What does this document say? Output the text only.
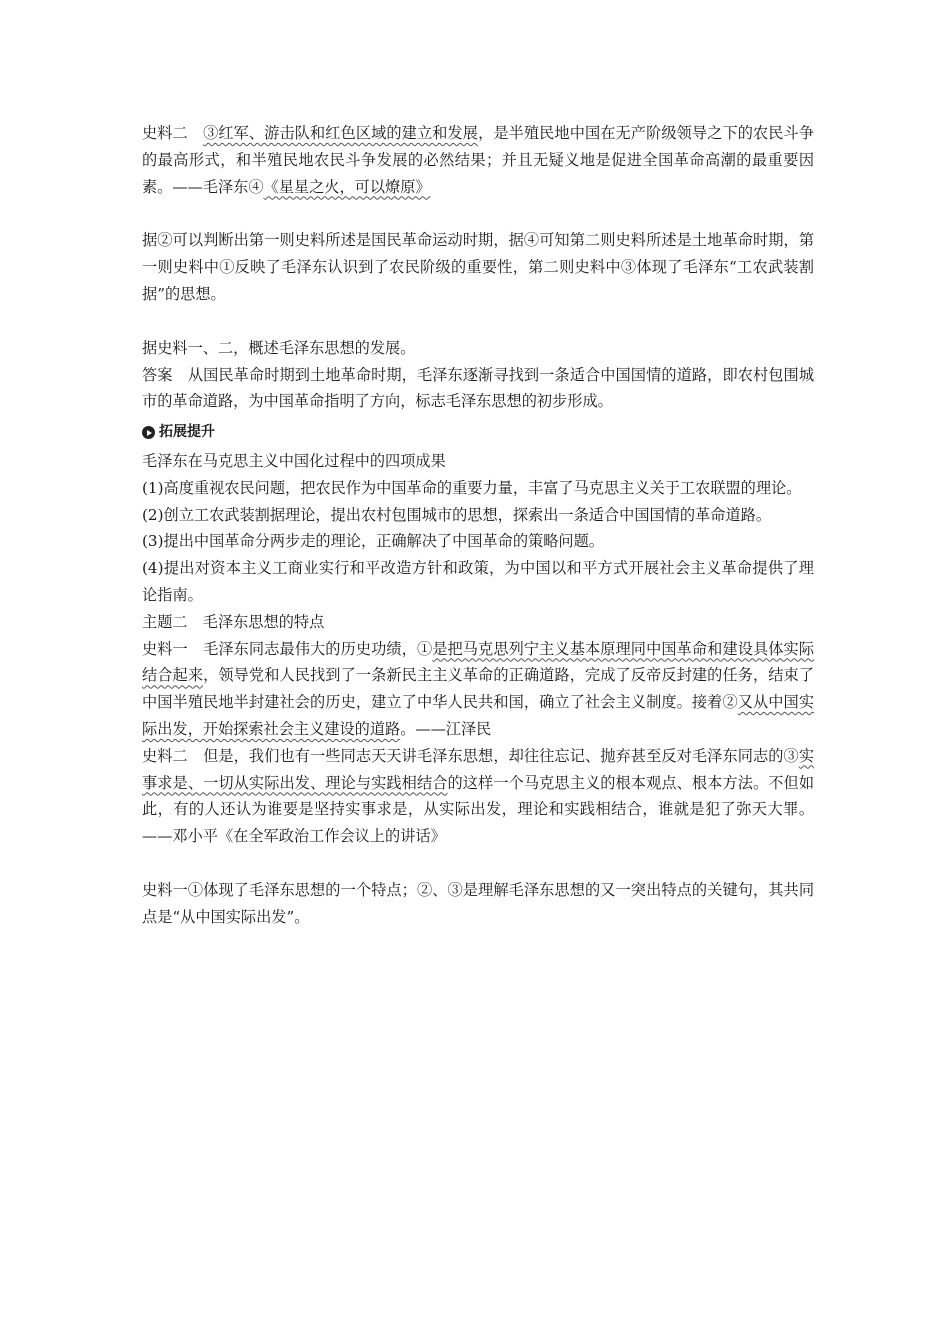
史料二　③红军、游击队和红色区域的建立和发展，是半殖民地中国在无产阶级领导之下的农民斗争的最高形式，和半殖民地农民斗争发展的必然结果；并且无疑义地是促进全国革命高潮的最重要因素。——毛泽东④《星星之火，可以燎原》

据②可以判断出第一则史料所述是国民革命运动时期，据④可知第二则史料所述是土地革命时期，第一则史料中①反映了毛泽东认识到了农民阶级的重要性，第二则史料中③体现了毛泽东“工农武装割据”的思想。

据史料一、二，概述毛泽东思想的发展。

答案　从国民革命时期到土地革命时期，毛泽东逐渐寻找到一条适合中国国情的道路，即农村包围城市的革命道路，为中国革命指明了方向，标志毛泽东思想的初步形成。

拓展提升

毛泽东在马克思主义中国化过程中的四项成果

(1)高度重视农民问题，把农民作为中国革命的重要力量，丰富了马克思主义关于工农联盟的理论。

(2)创立工农武装割据理论，提出农村包围城市的思想，探索出一条适合中国国情的革命道路。

(3)提出中国革命分两步走的理论，正确解决了中国革命的策略问题。

(4)提出对资本主义工商业实行和平改造方针和政策，为中国以和平方式开展社会主义革命提供了理论指南。

主题二　毛泽东思想的特点

史料一　毛泽东同志最伟大的历史功绩，①是把马克思列宁主义基本原理同中国革命和建设具体实际结合起来，领导党和人民找到了一条新民主主义革命的正确道路，完成了反帝反封建的任务，结束了中国半殖民地半封建社会的历史，建立了中华人民共和国，确立了社会主义制度。接着②又从中国实际出发，开始探索社会主义建设的道路。——江泽民

史料二　但是，我们也有一些同志天天讲毛泽东思想，却往往忘记、抛弃甚至反对毛泽东同志的③实事求是、一切从实际出发、理论与实践相结合的这样一个马克思主义的根本观点、根本方法。不但如此，有的人还认为谁要是坚持实事求是，从实际出发，理论和实践相结合，谁就是犯了弥天大罪。——邓小平《在全军政治工作会议上的讲话》

史料一①体现了毛泽东思想的一个特点；②、③是理解毛泽东思想的又一突出特点的关键句，其共同点是“从中国实际出发”。
